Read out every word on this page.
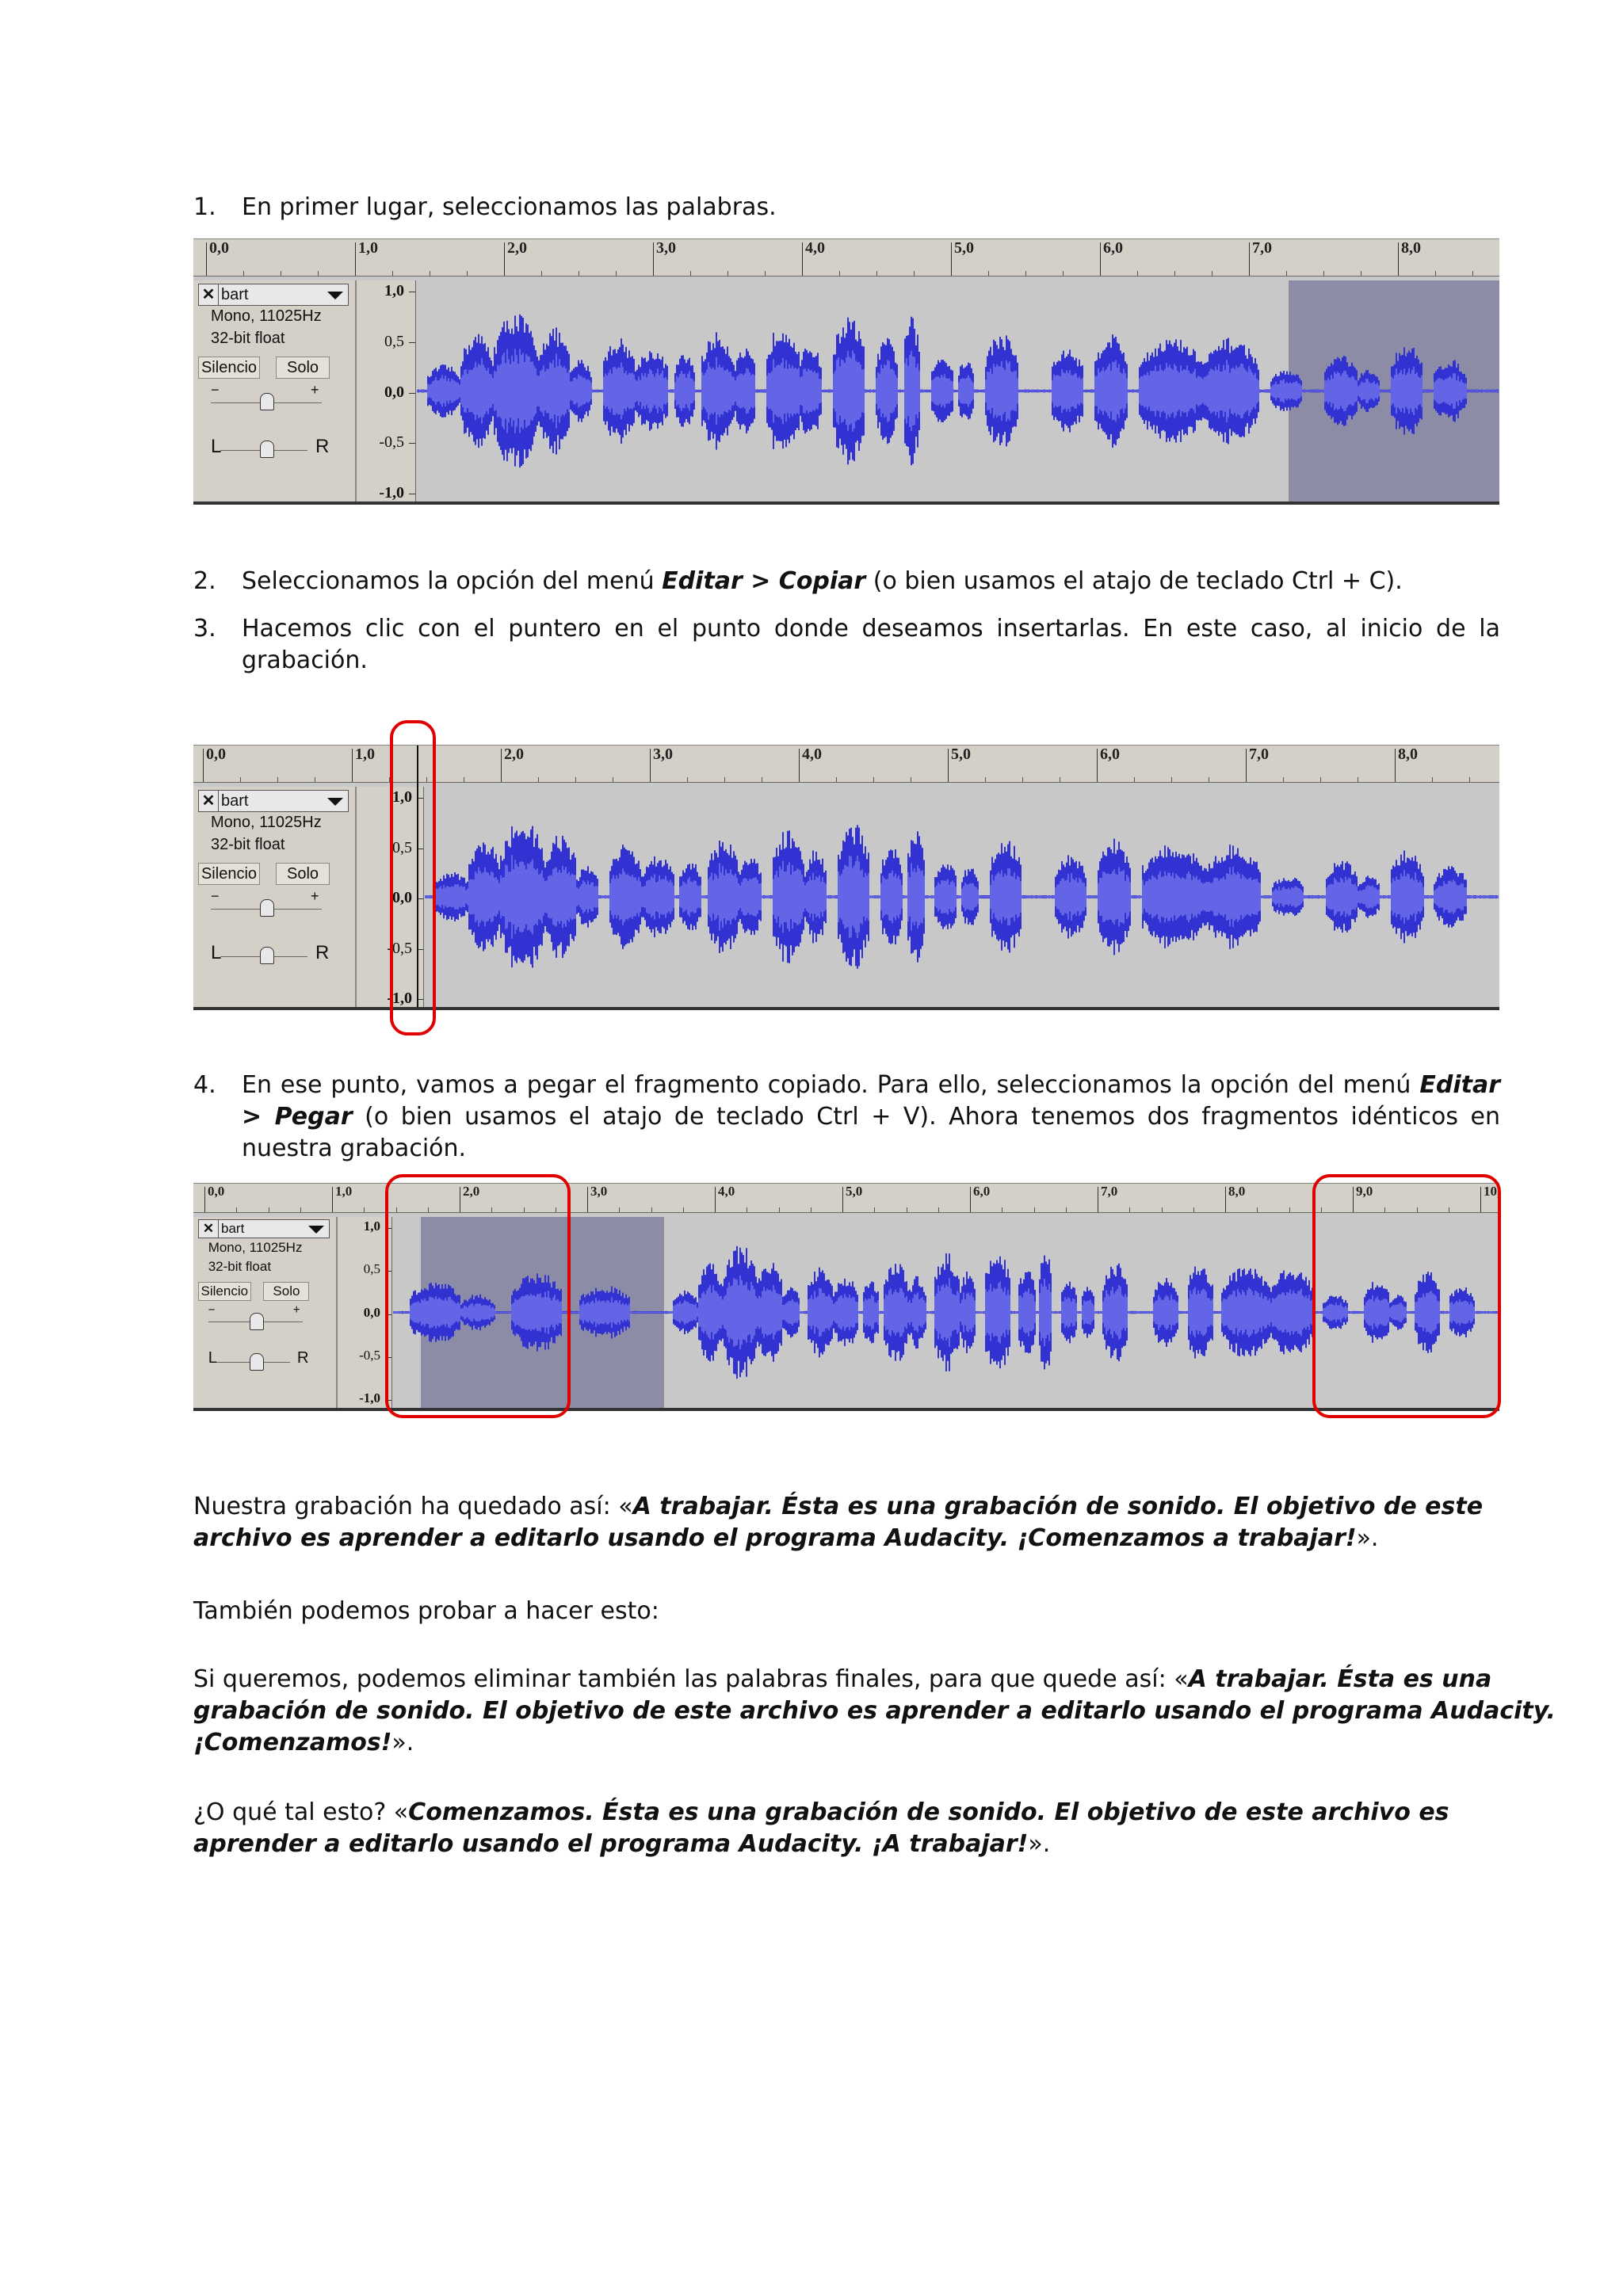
1. En primer lugar, seleccionamos las palabras.
0,0	1,0	2,0	3,0	4,0	5,0	6,0	7,0	8,0
✕ bart
Mono, 11025Hz
32-bit float
Silencio	Solo
−	+
L	R
1,0
0,5
0,0
-0,5
-1,0
2. Seleccionamos la opción del menú Editar > Copiar (o bien usamos el atajo de teclado Ctrl + C).
3. Hacemos clic con el puntero en el punto donde deseamos insertarlas. En este caso, al inicio de la grabación.
0,0	1,0	2,0	3,0	4,0	5,0	6,0	7,0	8,0
✕ bart
Mono, 11025Hz
32-bit float
Silencio	Solo
−	+
L	R
1,0
0,5
0,0
-0,5
-1,0
4. En ese punto, vamos a pegar el fragmento copiado. Para ello, seleccionamos la opción del menú Editar > Pegar (o bien usamos el atajo de teclado Ctrl + V). Ahora tenemos dos fragmentos idénticos en nuestra grabación.
0,0	1,0	2,0	3,0	4,0	5,0	6,0	7,0	8,0	9,0	10,
✕ bart
Mono, 11025Hz
32-bit float
Silencio	Solo
−	+
L	R
1,0
0,5
0,0
-0,5
-1,0
Nuestra grabación ha quedado así: «A trabajar. Ésta es una grabación de sonido. El objetivo de este archivo es aprender a editarlo usando el programa Audacity. ¡Comenzamos a trabajar!».
También podemos probar a hacer esto:
Si queremos, podemos eliminar también las palabras finales, para que quede así: «A trabajar. Ésta es una grabación de sonido. El objetivo de este archivo es aprender a editarlo usando el programa Audacity. ¡Comenzamos!».
¿O qué tal esto? «Comenzamos. Ésta es una grabación de sonido. El objetivo de este archivo es aprender a editarlo usando el programa Audacity. ¡A trabajar!».
